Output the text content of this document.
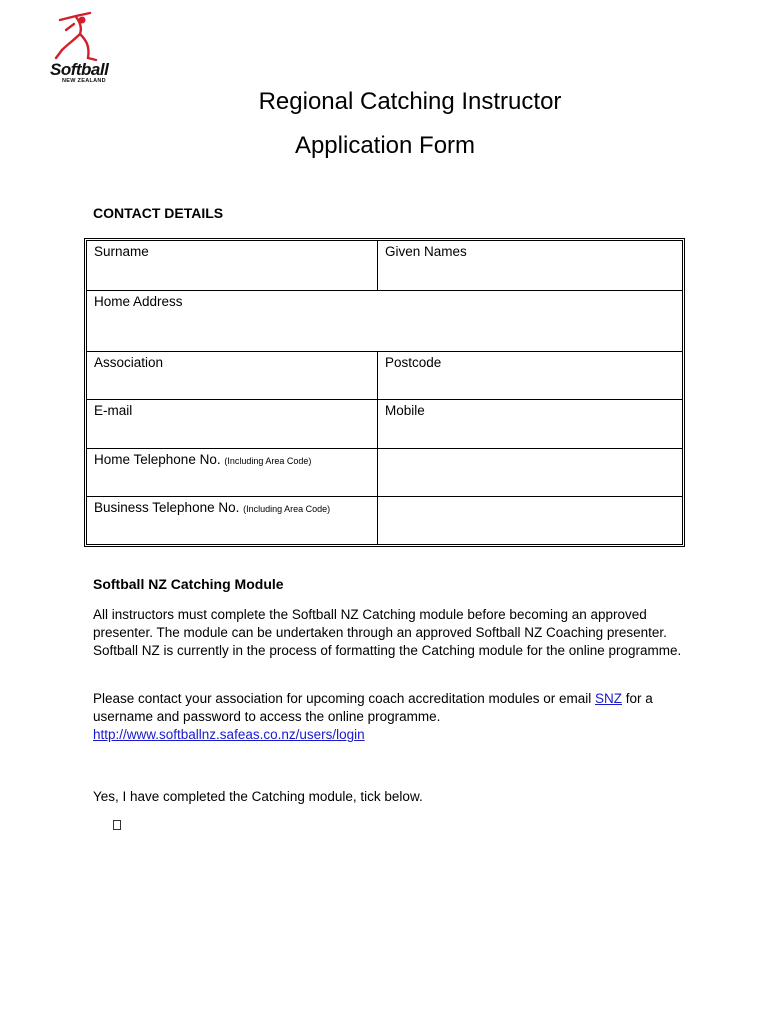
Softball
NEW ZEALAND
Regional Catching Instructor
Application Form
CONTACT DETAILS
Surname	Given Names
Home Address
Association	Postcode
E-mail	Mobile
Home Telephone No. (Including Area Code)
Business Telephone No. (Including Area Code)
Softball NZ Catching Module

All instructors must complete the Softball NZ Catching module before becoming an approved presenter. The module can be undertaken through an approved Softball NZ Coaching presenter. Softball NZ is currently in the process of formatting the Catching module for the online programme.

Please contact your association for upcoming coach accreditation modules or email SNZ for a username and password to access the online programme.
http://www.softballnz.safeas.co.nz/users/login

Yes, I have completed the Catching module, tick below.
